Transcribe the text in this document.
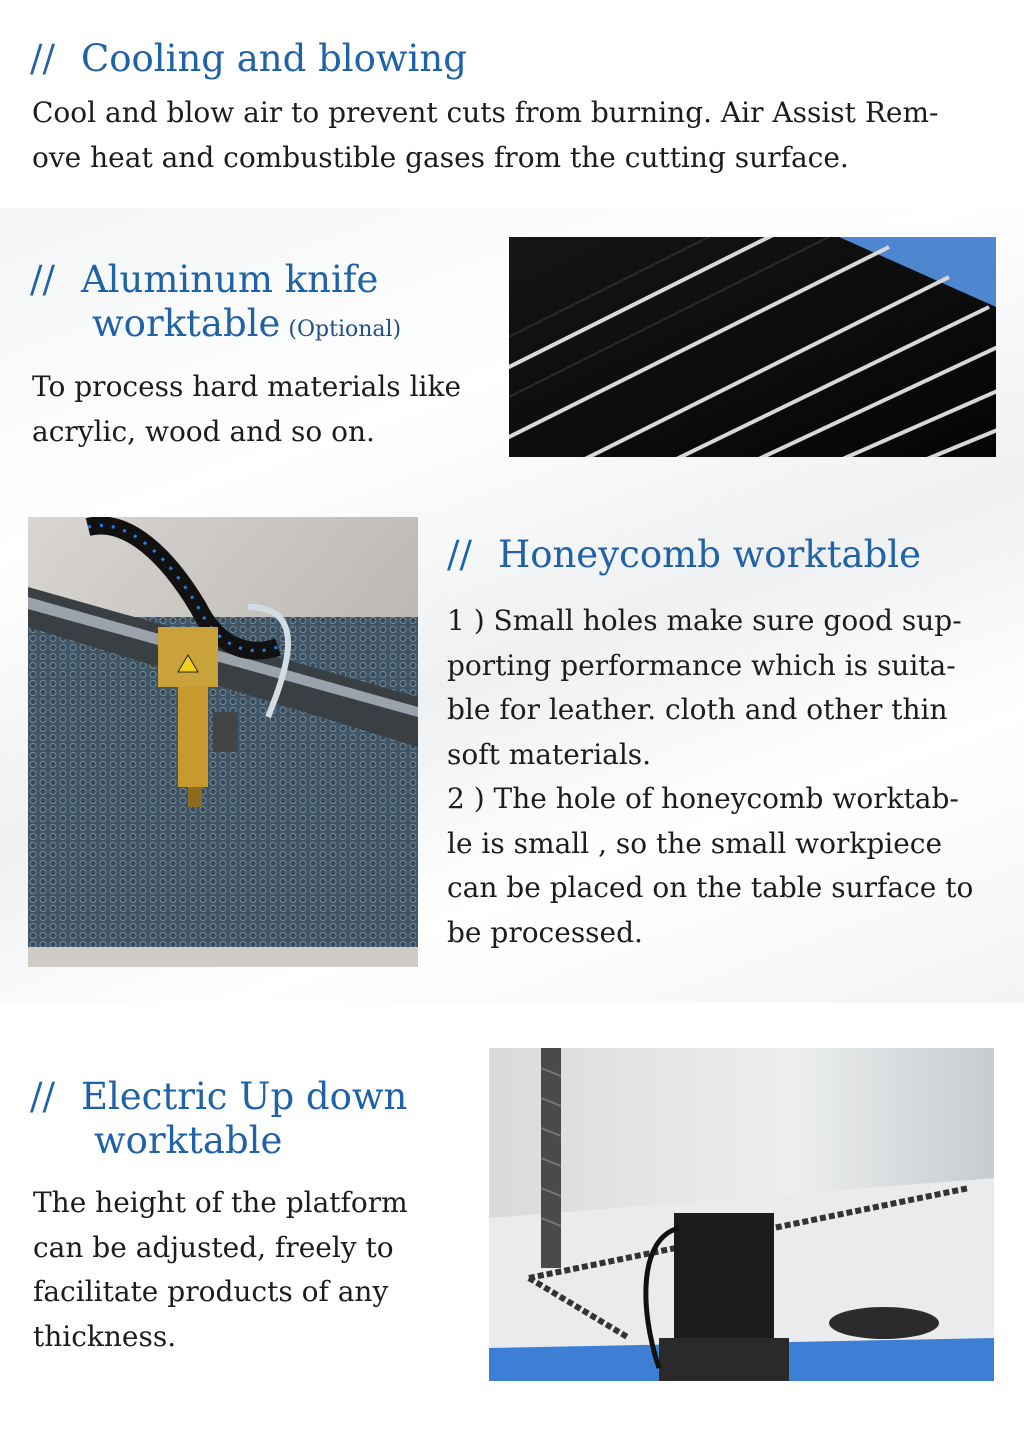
// Cooling and blowing
Cool and blow air to prevent cuts from burning. Air Assist Rem-
ove heat and combustible gases from the cutting surface.
// Aluminum knife
worktable (Optional)
To process hard materials like
acrylic, wood and so on.
// Honeycomb worktable
1 ) Small holes make sure good sup-
porting performance which is suita-
ble for leather. cloth and other thin
soft materials.
2 ) The hole of honeycomb worktab-
le is small , so the small workpiece
can be placed on the table surface to
be processed.
// Electric Up down
worktable
The height of the platform
can be adjusted, freely to
facilitate products of any
thickness.
